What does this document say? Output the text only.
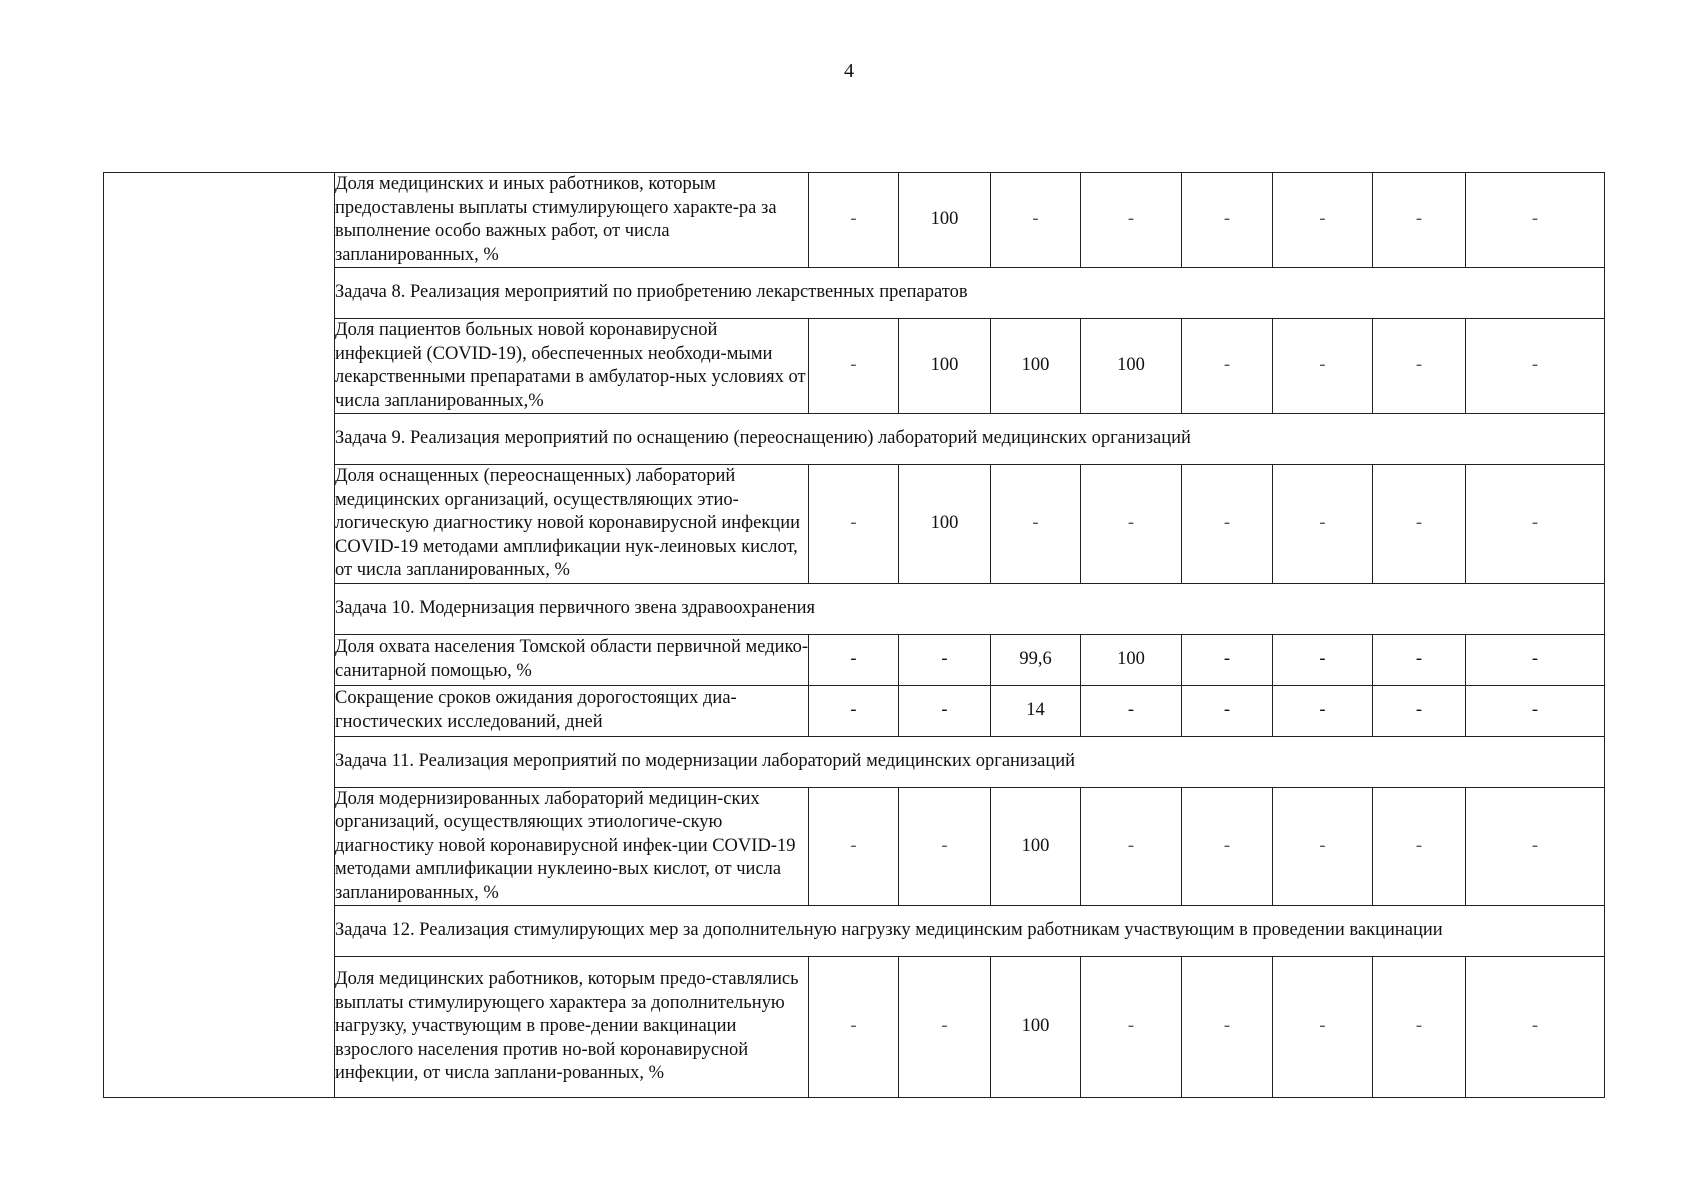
4
	Доля медицинских и иных работников, которым предоставлены выплаты стимулирующего характе-ра за выполнение особо важных работ, от числа запланированных, %	-	100	-	-	-	-	-	-
	Задача 8. Реализация мероприятий по приобретению лекарственных препаратов								
	Доля пациентов больных новой коронавирусной инфекцией (COVID-19), обеспеченных необходи-мыми лекарственными препаратами в амбулатор-ных условиях от числа запланированных,%	-	100	100	100	-	-	-	-
	Задача 9. Реализация мероприятий по оснащению (переоснащению) лабораторий медицинских организаций								
	Доля оснащенных (переоснащенных) лабораторий медицинских организаций, осуществляющих этио-логическую диагностику новой коронавирусной инфекции COVID-19 методами амплификации нук-леиновых кислот, от числа запланированных, %	-	100	-	-	-	-	-	-
	Задача 10. Модернизация первичного звена здравоохранения								
	Доля охвата населения Томской области первичной медико-санитарной помощью, %	-	-	99,6	100	-	-	-	-
	Сокращение сроков ожидания дорогостоящих диа-гностических исследований, дней	-	-	14	-	-	-	-	-
	Задача 11. Реализация мероприятий по модернизации лабораторий медицинских организаций								
	Доля модернизированных лабораторий медицин-ских организаций, осуществляющих этиологиче-скую диагностику новой коронавирусной инфек-ции COVID-19 методами амплификации нуклеино-вых кислот, от числа запланированных, %	-	-	100	-	-	-	-	-
	Задача 12. Реализация стимулирующих мер за дополнительную нагрузку медицинским работникам участвующим в проведении вакцинации								
	Доля медицинских работников, которым предо-ставлялись выплаты стимулирующего характера за дополнительную нагрузку, участвующим в прове-дении вакцинации взрослого населения против но-вой коронавирусной инфекции, от числа заплани-рованных, %	-	-	100	-	-	-	-	-
